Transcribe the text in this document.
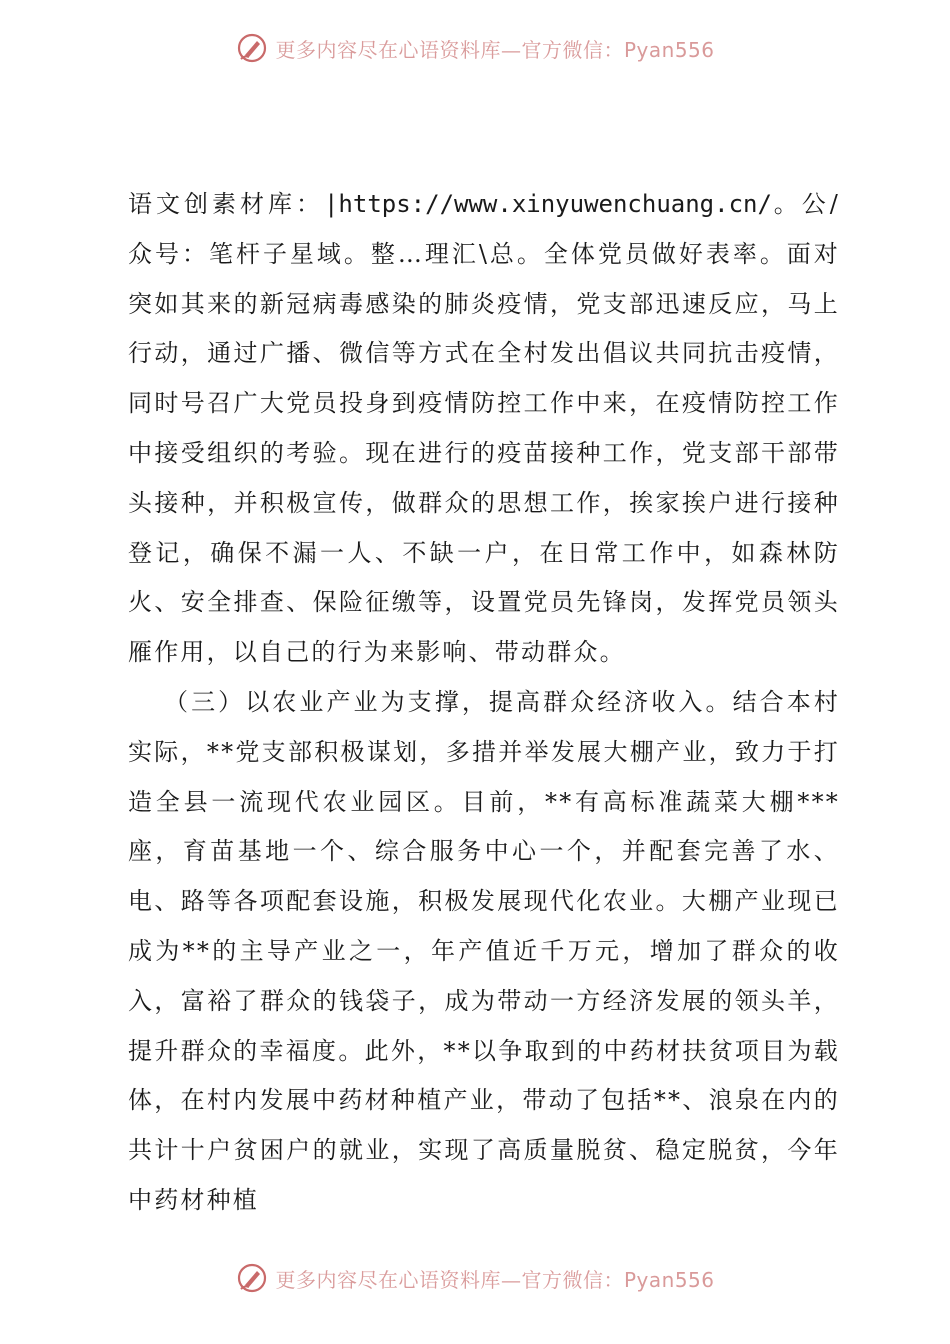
更多内容尽在心语资料库—官方微信：Pyan556

语文创素材库：|https://www.xinyuwenchuang.cn/。公/众号：笔杆子星域。整…理汇\总。全体党员做好表率。面对突如其来的新冠病毒感染的肺炎疫情，党支部迅速反应，马上行动，通过广播、微信等方式在全村发出倡议共同抗击疫情，同时号召广大党员投身到疫情防控工作中来，在疫情防控工作中接受组织的考验。现在进行的疫苗接种工作，党支部干部带头接种，并积极宣传，做群众的思想工作，挨家挨户进行接种登记，确保不漏一人、不缺一户，在日常工作中，如森林防火、安全排查、保险征缴等，设置党员先锋岗，发挥党员领头雁作用，以自己的行为来影响、带动群众。

（三）以农业产业为支撑，提高群众经济收入。结合本村实际，**党支部积极谋划，多措并举发展大棚产业，致力于打造全县一流现代农业园区。目前，**有高标准蔬菜大棚***座，育苗基地一个、综合服务中心一个，并配套完善了水、电、路等各项配套设施，积极发展现代化农业。大棚产业现已成为**的主导产业之一，年产值近千万元，增加了群众的收入，富裕了群众的钱袋子，成为带动一方经济发展的领头羊，提升群众的幸福度。此外，**以争取到的中药材扶贫项目为载体，在村内发展中药材种植产业，带动了包括**、浪泉在内的共计十户贫困户的就业，实现了高质量脱贫、稳定脱贫，今年中药材种植

更多内容尽在心语资料库—官方微信：Pyan556
